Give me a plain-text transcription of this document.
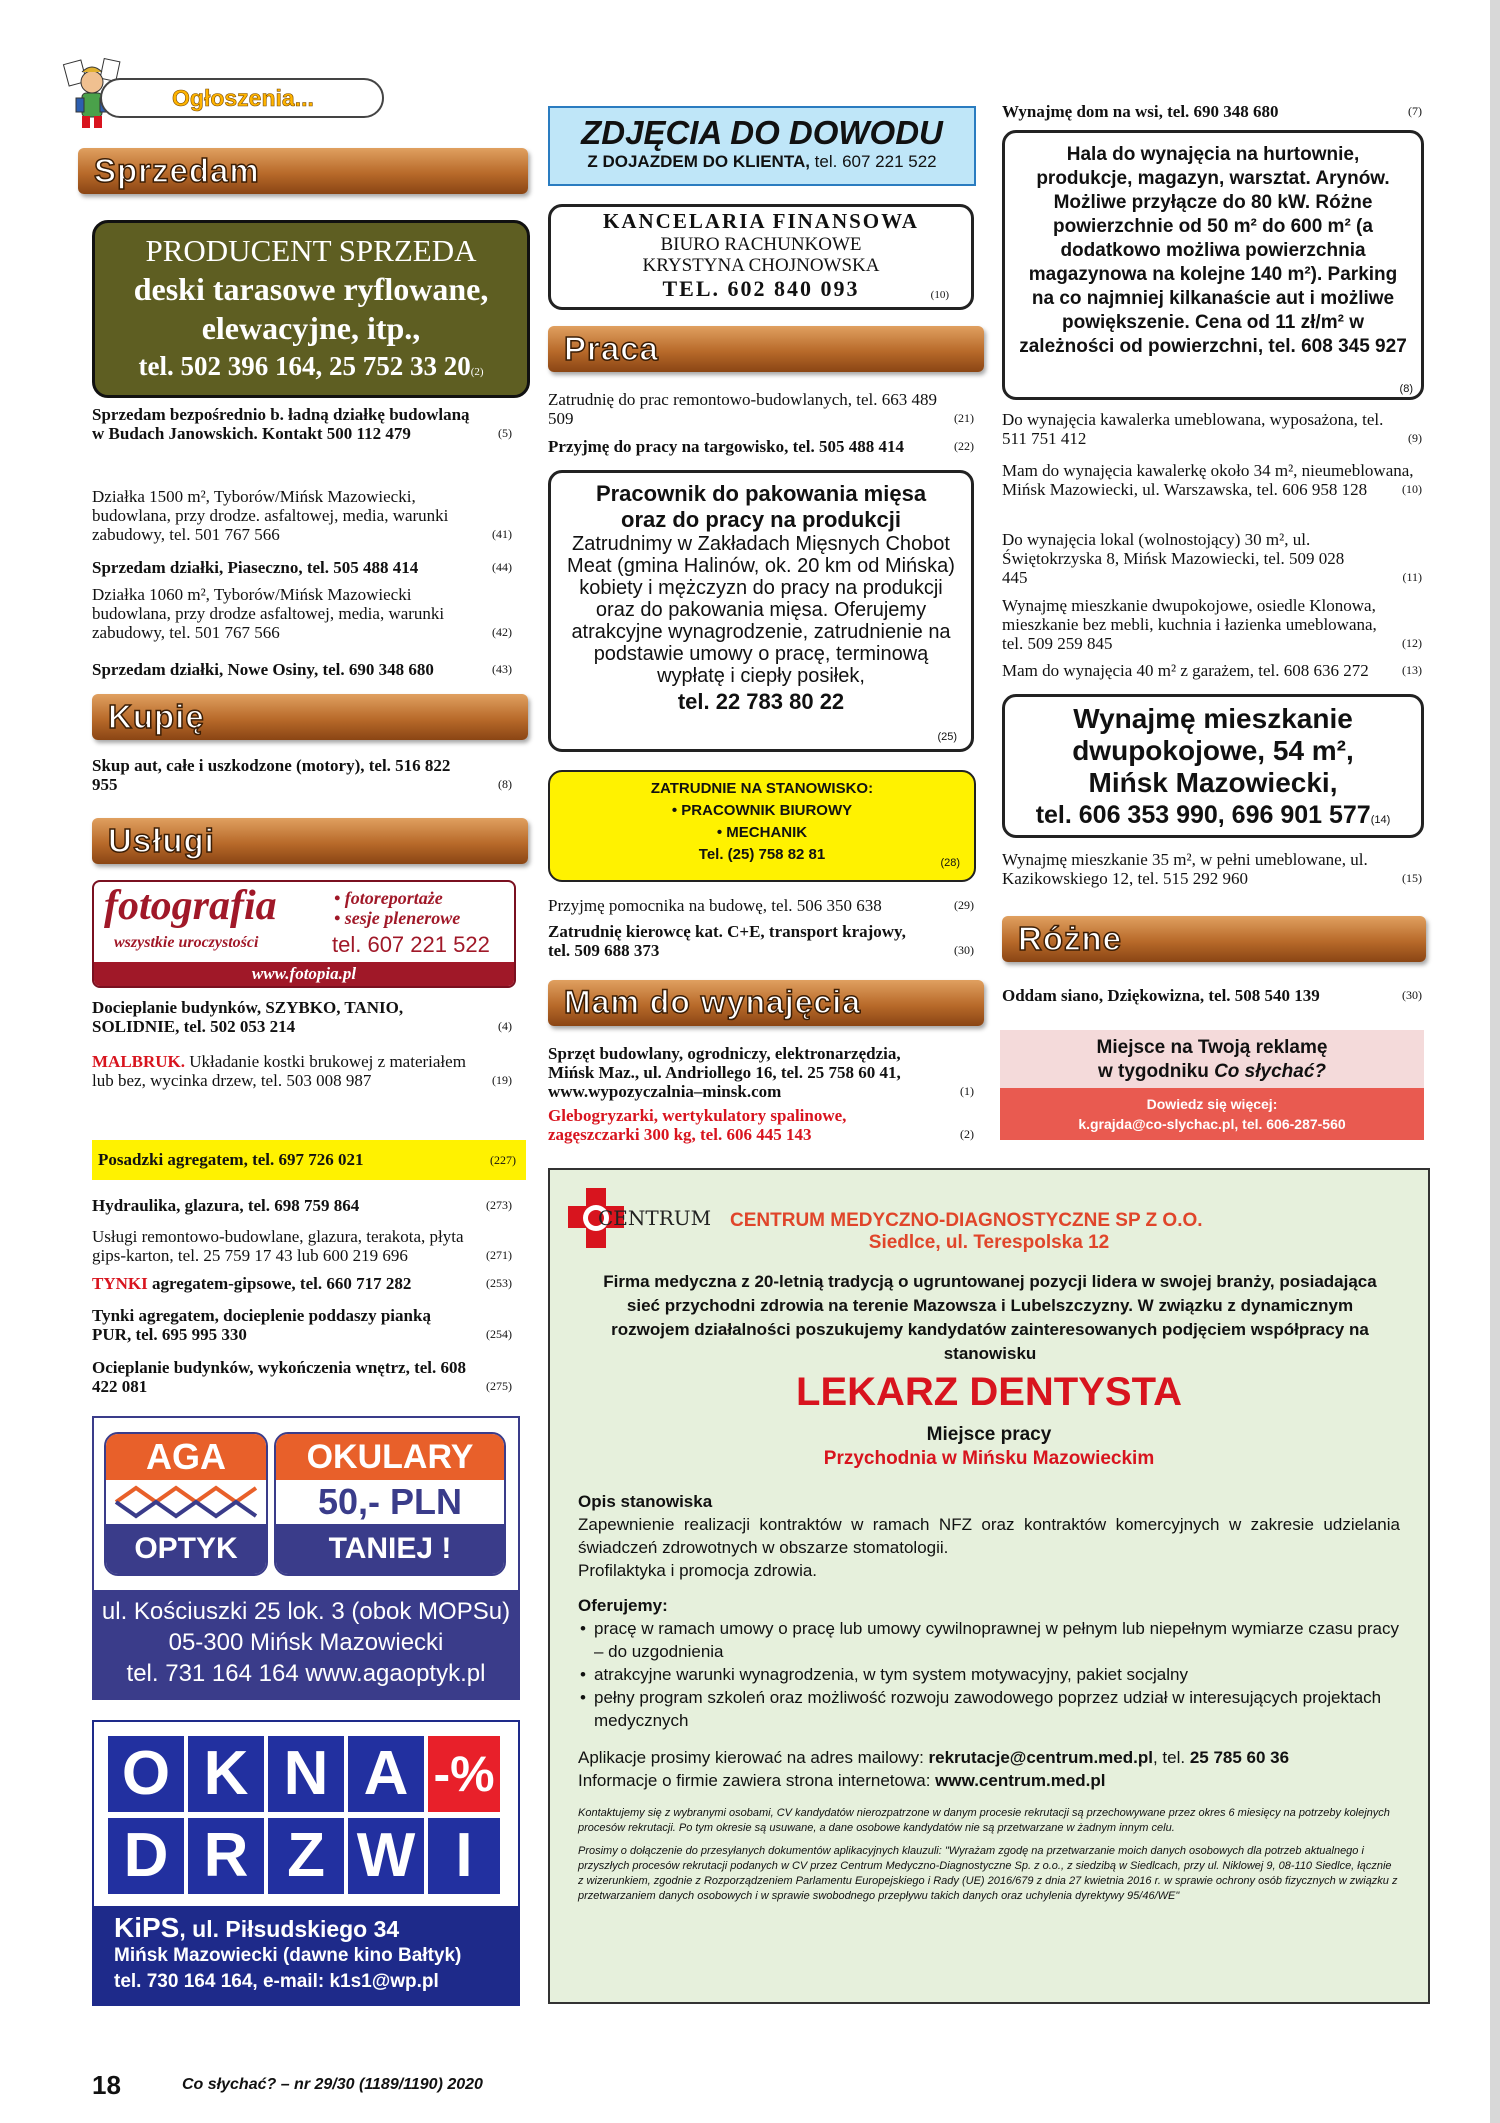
Ogłoszenia...
Sprzedam
PRODUCENT SPRZEDA
deski tarasowe ryflowane,
elewacyjne, itp.,
tel. 502 396 164, 25 752 33 20(2)
Sprzedam bezpośrednio b. ładną działkę budowlaną w Budach Janowskich. Kontakt 500 112 479	(5)
Działka 1500 m², Tyborów/Mińsk Mazowiecki, budowlana, przy drodze. asfaltowej, media, warunki zabudowy, tel. 501 767 566	(41)
Sprzedam działki, Piaseczno, tel. 505 488 414	(44)
Działka 1060 m², Tyborów/Mińsk Mazowiecki budowlana, przy drodze asfaltowej, media, warunki zabudowy, tel. 501 767 566	(42)
Sprzedam działki, Nowe Osiny, tel. 690 348 680	(43)
Kupię
Skup aut, całe i uszkodzone (motory), tel. 516 822 955	(8)
Usługi
fotografia
wszystkie uroczystości
• fotoreportaże
• sesje plenerowe
tel. 607 221 522
www.fotopia.pl
Docieplanie budynków, SZYBKO, TANIO, SOLIDNIE, tel. 502 053 214	(4)
MALBRUK. Układanie kostki brukowej z materiałem lub bez, wycinka drzew, tel. 503 008 987	(19)
Posadzki agregatem, tel. 697 726 021	(227)
Hydraulika, glazura, tel. 698 759 864	(273)
Usługi remontowo-budowlane, glazura, terakota, płyta gips-karton, tel. 25 759 17 43 lub 600 219 696	(271)
TYNKI agregatem-gipsowe, tel. 660 717 282	(253)
Tynki agregatem, docieplenie poddaszy pianką PUR, tel. 695 995 330	(254)
Ocieplanie budynków, wykończenia wnętrz, tel. 608 422 081	(275)
AGA
OPTYK
OKULARY
50,- PLN
TANIEJ !
ul. Kościuszki 25 lok. 3 (obok MOPSu)
05-300 Mińsk Mazowiecki
tel. 731 164 164 www.agaoptyk.pl
O K N A -%
D R Z W I
KiPS, ul. Piłsudskiego 34
Mińsk Mazowiecki (dawne kino Bałtyk)
tel. 730 164 164, e-mail: k1s1@wp.pl
ZDJĘCIA DO DOWODU
Z DOJAZDEM DO KLIENTA, tel. 607 221 522
KANCELARIA FINANSOWA
BIURO RACHUNKOWE
KRYSTYNA CHOJNOWSKA
TEL. 602 840 093	(10)
Praca
Zatrudnię do prac remontowo-budowlanych, tel. 663 489 509	(21)
Przyjmę do pracy na targowisko, tel. 505 488 414	(22)
Pracownik do pakowania mięsa
oraz do pracy na produkcji
Zatrudnimy w Zakładach Mięsnych Chobot Meat (gmina Halinów, ok. 20 km od Mińska) kobiety i mężczyzn do pracy na produkcji oraz do pakowania mięsa. Oferujemy atrakcyjne wynagrodzenie, zatrudnienie na podstawie umowy o pracę, terminową wypłatę i ciepły posiłek,
tel. 22 783 80 22
(25)
ZATRUDNIE NA STANOWISKO:
• PRACOWNIK BIUROWY
• MECHANIK
Tel. (25) 758 82 81	(28)
Przyjmę pomocnika na budowę, tel. 506 350 638	(29)
Zatrudnię kierowcę kat. C+E, transport krajowy, tel. 509 688 373	(30)
Mam do wynajęcia
Sprzęt budowlany, ogrodniczy, elektronarzędzia, Mińsk Maz., ul. Andriollego 16, tel. 25 758 60 41, www.wypozyczalnia–minsk.com	(1)
Glebogryzarki, wertykulatory spalinowe, zagęszczarki 300 kg, tel. 606 445 143	(2)
Wynajmę dom na wsi, tel. 690 348 680	(7)
Hala do wynajęcia na hurtownie, produkcje, magazyn, warsztat. Arynów. Możliwe przyłącze do 80 kW. Różne powierzchnie od 50 m² do 600 m² (a dodatkowo możliwa powierzchnia magazynowa na kolejne 140 m²). Parking na co najmniej kilkanaście aut i możliwe powiększenie. Cena od 11 zł/m² w zależności od powierzchni, tel. 608 345 927
(8)
Do wynajęcia kawalerka umeblowana, wyposażona, tel. 511 751 412	(9)
Mam do wynajęcia kawalerkę około 34 m², nieumeblowana, Mińsk Mazowiecki, ul. Warszawska, tel. 606 958 128	(10)
Do wynajęcia lokal (wolnostojący) 30 m², ul. Świętokrzyska 8, Mińsk Mazowiecki, tel. 509 028 445	(11)
Wynajmę mieszkanie dwupokojowe, osiedle Klonowa, mieszkanie bez mebli, kuchnia i łazienka umeblowana, tel. 509 259 845	(12)
Mam do wynajęcia 40 m² z garażem, tel. 608 636 272	(13)
Wynajmę mieszkanie
dwupokojowe, 54 m²,
Mińsk Mazowiecki,
tel. 606 353 990, 696 901 577(14)
Wynajmę mieszkanie 35 m², w pełni umeblowane, ul. Kazikowskiego 12, tel. 515 292 960	(15)
Różne
Oddam siano, Dziękowizna, tel. 508 540 139	(30)
Miejsce na Twoją reklamę
w tygodniku Co słychać?
Dowiedz się więcej:
k.grajda@co-slychac.pl, tel. 606-287-560
CENTRUM CENTRUM MEDYCZNO-DIAGNOSTYCZNE SP Z O.O.
Siedlce, ul. Terespolska 12
Firma medyczna z 20-letnią tradycją o ugruntowanej pozycji lidera w swojej branży, posiadająca sieć przychodni zdrowia na terenie Mazowsza i Lubelszczyzny. W związku z dynamicznym rozwojem działalności poszukujemy kandydatów zainteresowanych podjęciem współpracy na stanowisku
LEKARZ DENTYSTA
Miejsce pracy
Przychodnia w Mińsku Mazowieckim
Opis stanowiska
Zapewnienie realizacji kontraktów w ramach NFZ oraz kontraktów komercyjnych w zakresie udzielania świadczeń zdrowotnych w obszarze stomatologii.
Profilaktyka i promocja zdrowia.
Oferujemy:
• pracę w ramach umowy o pracę lub umowy cywilnoprawnej w pełnym lub niepełnym wymiarze czasu pracy – do uzgodnienia
• atrakcyjne warunki wynagrodzenia, w tym system motywacyjny, pakiet socjalny
• pełny program szkoleń oraz możliwość rozwoju zawodowego poprzez udział w interesujących projektach medycznych
Aplikacje prosimy kierować na adres mailowy: rekrutacje@centrum.med.pl, tel. 25 785 60 36
Informacje o firmie zawiera strona internetowa: www.centrum.med.pl
Kontaktujemy się z wybranymi osobami, CV kandydatów nierozpatrzone w danym procesie rekrutacji są przechowywane przez okres 6 miesięcy na potrzeby kolejnych procesów rekrutacji. Po tym okresie są usuwane, a dane osobowe kandydatów nie są przetwarzane w żadnym innym celu.
Prosimy o dołączenie do przesyłanych dokumentów aplikacyjnych klauzuli: "Wyrażam zgodę na przetwarzanie moich danych osobowych dla potrzeb aktualnego i przyszłych procesów rekrutacji podanych w CV przez Centrum Medyczno-Diagnostyczne Sp. z o.o., z siedzibą w Siedlcach, przy ul. Niklowej 9, 08-110 Siedlce, łącznie z wizerunkiem, zgodnie z Rozporządzeniem Parlamentu Europejskiego i Rady (UE) 2016/679 z dnia 27 kwietnia 2016 r. w sprawie ochrony osób fizycznych w związku z przetwarzaniem danych osobowych i w sprawie swobodnego przepływu takich danych oraz uchylenia dyrektywy 95/46/WE"
18	Co słychać? – nr 29/30 (1189/1190) 2020
